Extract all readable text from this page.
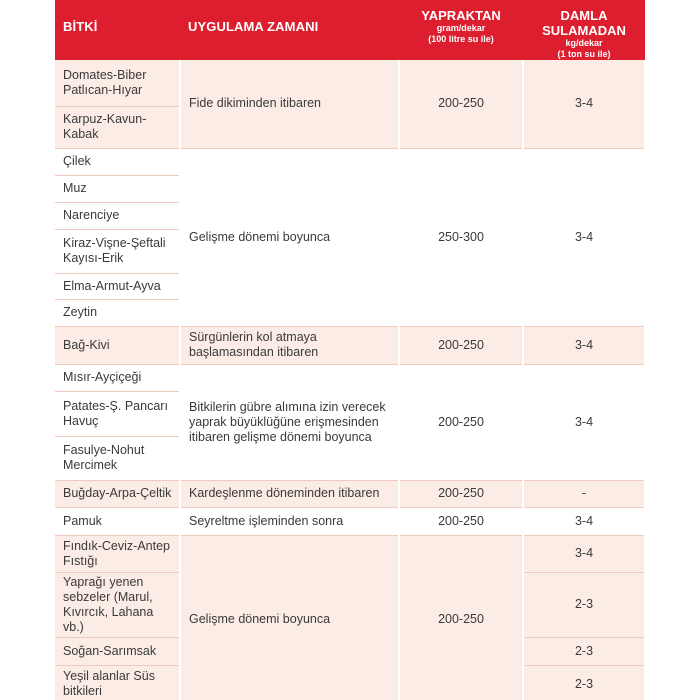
BİTKİ	UYGULAMA ZAMANI	YAPRAKTAN
gram/dekar
(100 litre su ile)	DAMLA SULAMADAN
kg/dekar
(1 ton su ile)

Domates-Biber Patlıcan-Hıyar	Fide dikiminden itibaren	200-250	3-4
Karpuz-Kavun-Kabak			
Çilek	Gelişme dönemi boyunca	250-300	3-4
Muz			
Narenciye			
Kiraz-Vişne-Şeftali Kayısı-Erik			
Elma-Armut-Ayva			
Zeytin			
Bağ-Kivi	Sürgünlerin kol atmaya başlamasından itibaren	200-250	3-4
Mısır-Ayçiçeği	Bitkilerin gübre alımına izin verecek yaprak büyüklüğüne erişmesinden itibaren gelişme dönemi boyunca	200-250	3-4
Patates-Ş. Pancarı Havuç			
Fasulye-Nohut Mercimek			
Buğday-Arpa-Çeltik	Kardeşlenme döneminden itibaren	200-250	-
Pamuk	Seyreltme işleminden sonra	200-250	3-4
Fındık-Ceviz-Antep Fıstığı	Gelişme dönemi boyunca	200-250	3-4
Yaprağı yenen sebzeler (Marul, Kıvırcık, Lahana vb.)			2-3
Soğan-Sarımsak			2-3
Yeşil alanlar Süs bitkileri			2-3
